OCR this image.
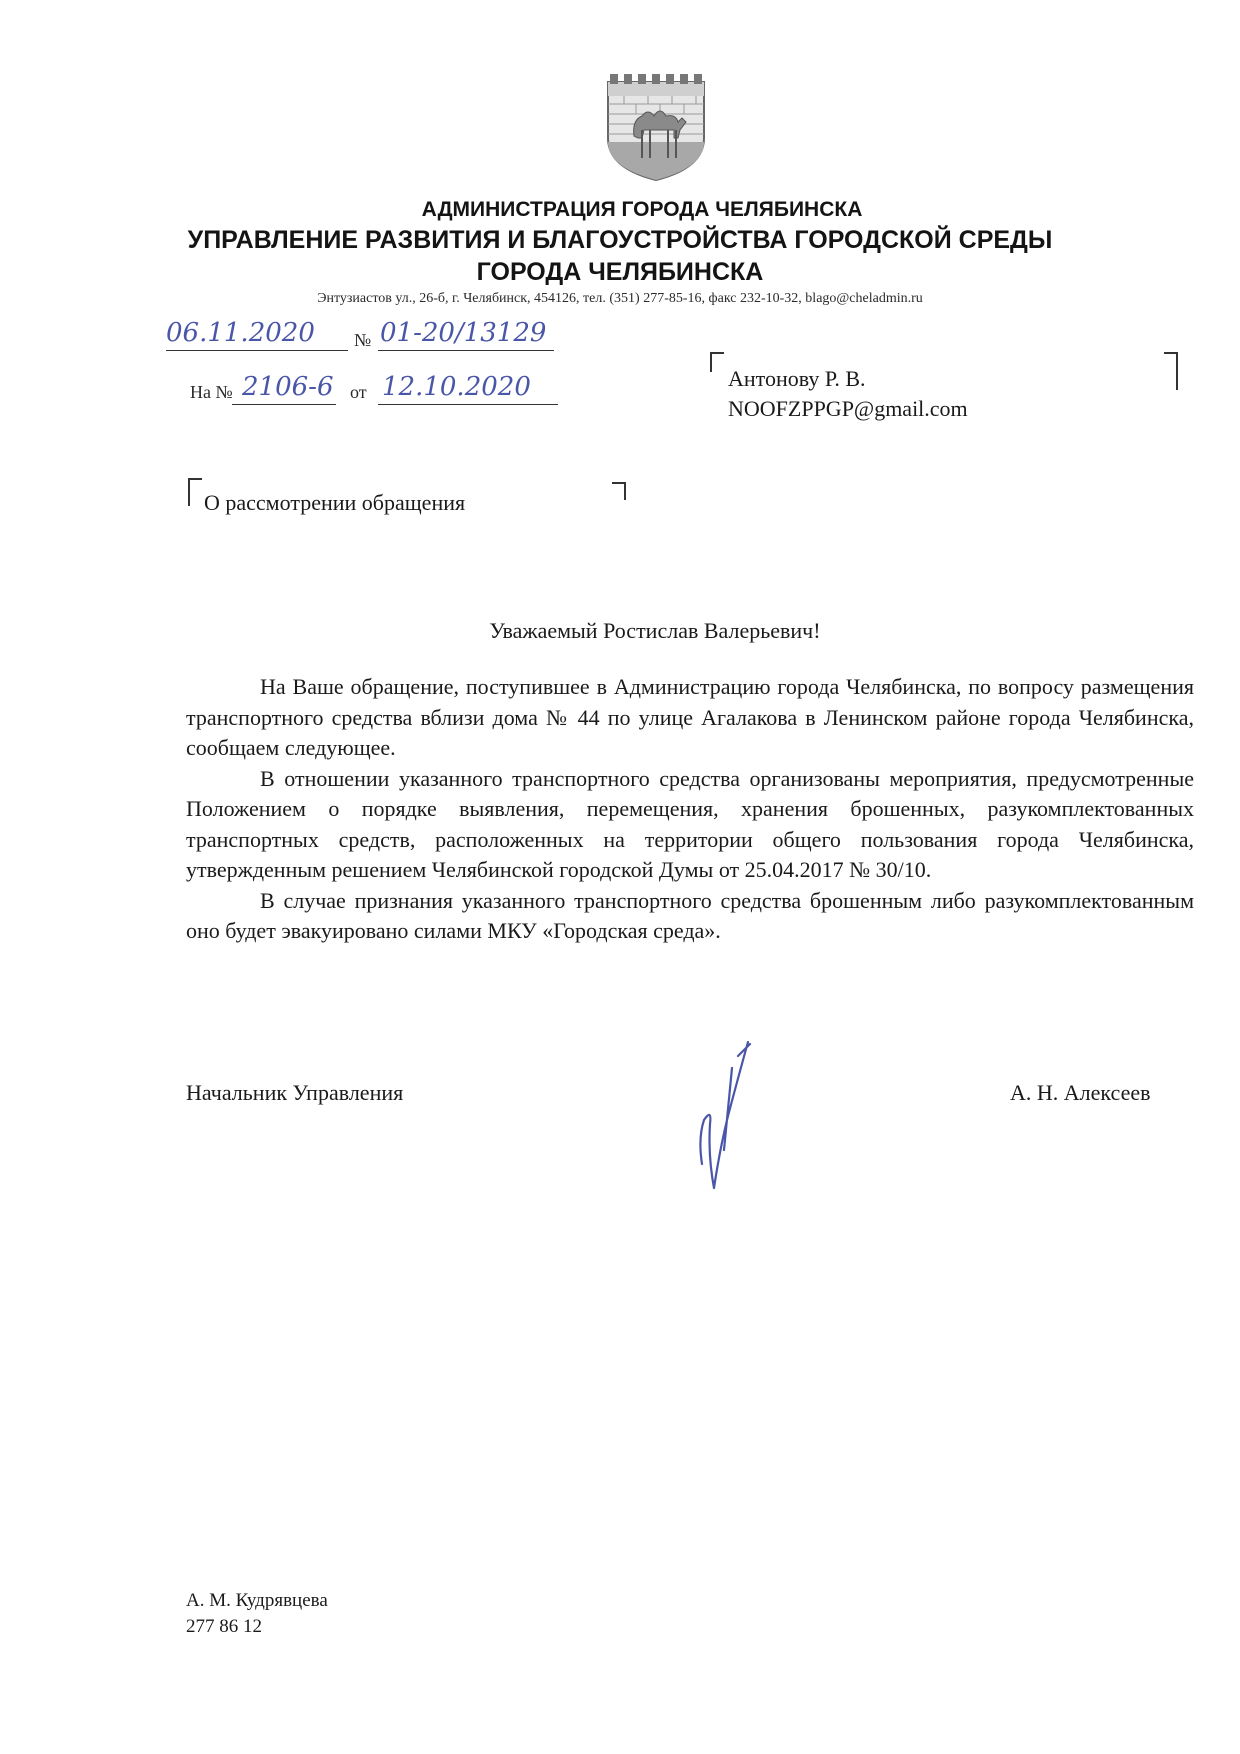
АДМИНИСТРАЦИЯ ГОРОДА ЧЕЛЯБИНСКА
УПРАВЛЕНИЕ РАЗВИТИЯ И БЛАГОУСТРОЙСТВА ГОРОДСКОЙ СРЕДЫ
ГОРОДА ЧЕЛЯБИНСКА
Энтузиастов ул., 26-б, г. Челябинск, 454126, тел. (351) 277-85-16, факс 232-10-32, blago@cheladmin.ru
06.11.2020 № 01-20/13129
На № 2106-6 от 12.10.2020	Антонову Р. В.
NOOFZPPGP@gmail.com
О рассмотрении обращения
Уважаемый Ростислав Валерьевич!

На Ваше обращение, поступившее в Администрацию города Челябинска, по вопросу размещения транспортного средства вблизи дома № 44 по улице Агалакова в Ленинском районе города Челябинска, сообщаем следующее.

В отношении указанного транспортного средства организованы мероприятия, предусмотренные Положением о порядке выявления, перемещения, хранения брошенных, разукомплектованных транспортных средств, расположенных на территории общего пользования города Челябинска, утвержденным решением Челябинской городской Думы от 25.04.2017 № 30/10.

В случае признания указанного транспортного средства брошенным либо разукомплектованным оно будет эвакуировано силами МКУ «Городская среда».

Начальник Управления	А. Н. Алексеев
А. М. Кудрявцева
277 86 12
